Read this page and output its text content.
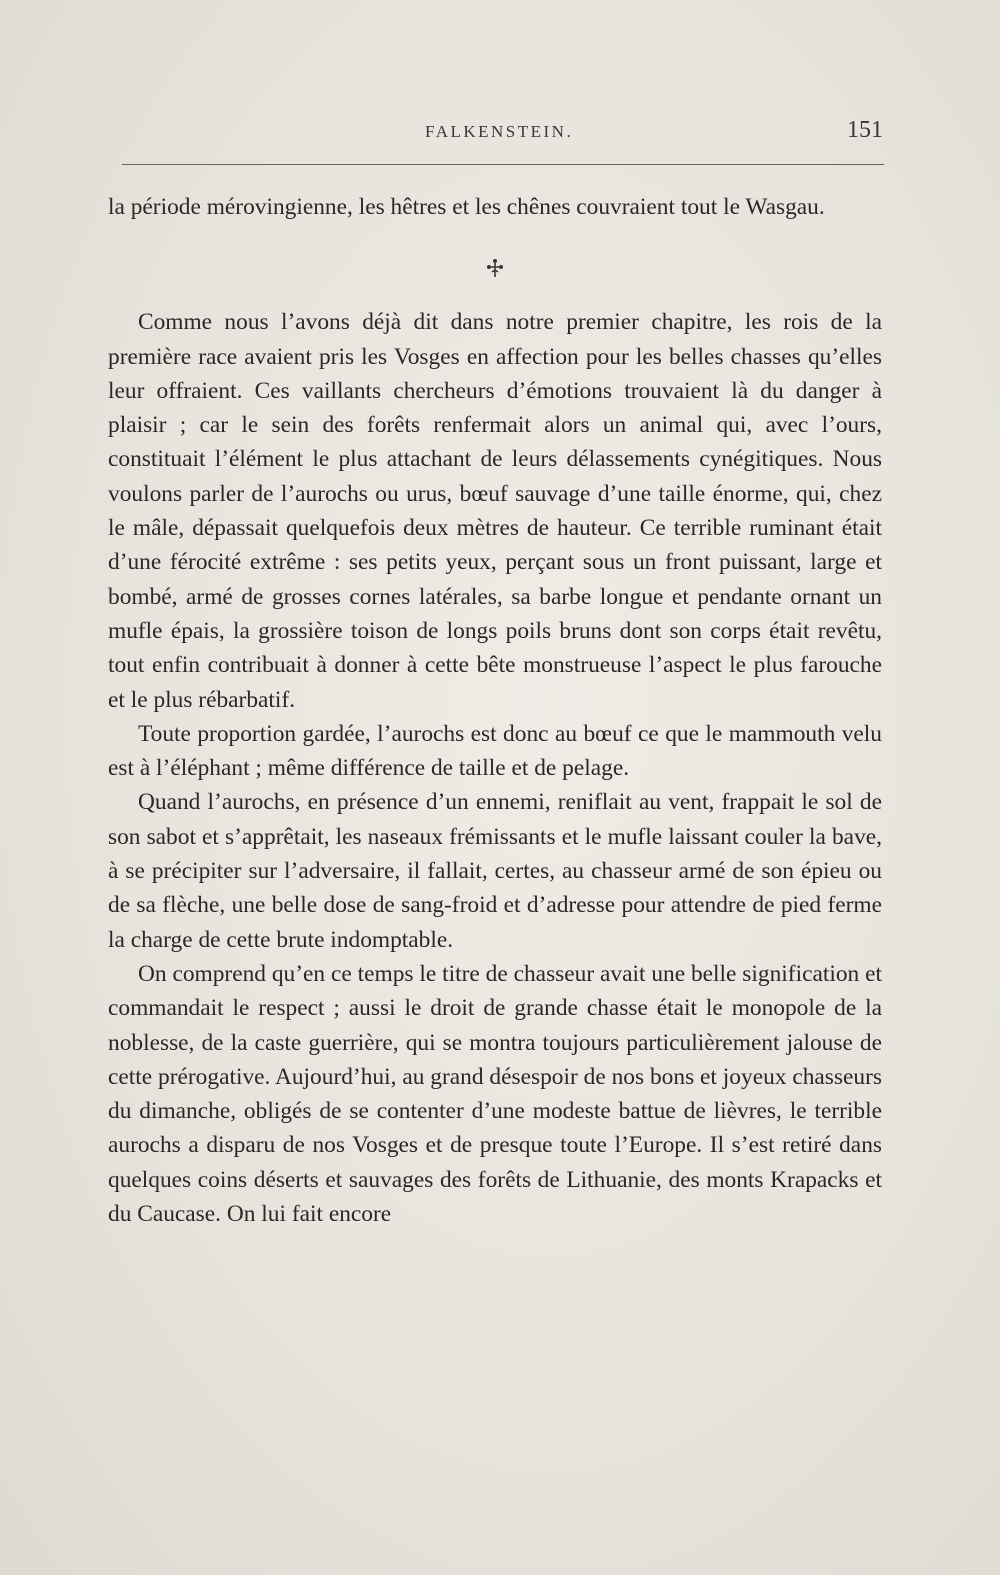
FALKENSTEIN.	151

la période mérovingienne, les hêtres et les chênes couvraient tout le Wasgau.

Comme nous l’avons déjà dit dans notre premier chapitre, les rois de la première race avaient pris les Vosges en affection pour les belles chasses qu’elles leur offraient. Ces vaillants chercheurs d’émotions trouvaient là du danger à plaisir ; car le sein des forêts renfermait alors un animal qui, avec l’ours, constituait l’élément le plus attachant de leurs délassements cynégitiques. Nous voulons parler de l’aurochs ou urus, bœuf sauvage d’une taille énorme, qui, chez le mâle, dépassait quelquefois deux mètres de hauteur. Ce terrible ruminant était d’une férocité extrême : ses petits yeux, perçant sous un front puissant, large et bombé, armé de grosses cornes latérales, sa barbe longue et pendante ornant un mufle épais, la grossière toison de longs poils bruns dont son corps était revêtu, tout enfin contribuait à donner à cette bête monstrueuse l’aspect le plus farouche et le plus rébarbatif.

Toute proportion gardée, l’aurochs est donc au bœuf ce que le mammouth velu est à l’éléphant ; même différence de taille et de pelage.

Quand l’aurochs, en présence d’un ennemi, reniflait au vent, frappait le sol de son sabot et s’apprêtait, les naseaux frémissants et le mufle laissant couler la bave, à se précipiter sur l’adversaire, il fallait, certes, au chasseur armé de son épieu ou de sa flèche, une belle dose de sang-froid et d’adresse pour attendre de pied ferme la charge de cette brute indomptable.

On comprend qu’en ce temps le titre de chasseur avait une belle signification et commandait le respect ; aussi le droit de grande chasse était le monopole de la noblesse, de la caste guerrière, qui se montra toujours particulièrement jalouse de cette prérogative. Aujourd’hui, au grand désespoir de nos bons et joyeux chasseurs du dimanche, obligés de se contenter d’une modeste battue de lièvres, le terrible aurochs a disparu de nos Vosges et de presque toute l’Europe. Il s’est retiré dans quelques coins déserts et sauvages des forêts de Lithuanie, des monts Krapacks et du Caucase. On lui fait encore
